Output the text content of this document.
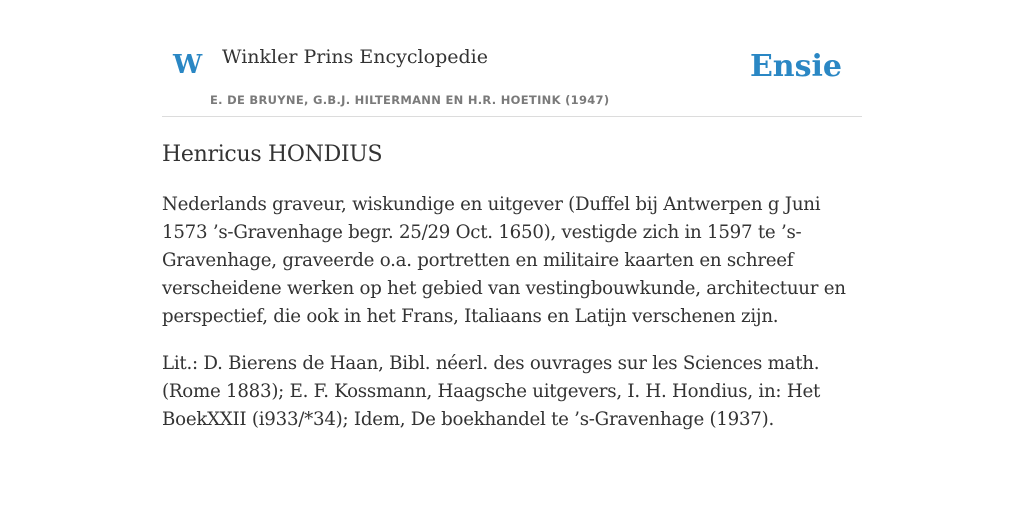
W Winkler Prins Encyclopedie
E. DE BRUYNE, G.B.J. HILTERMANN EN H.R. HOETINK (1947)
Ensie
Henricus HONDIUS

Nederlands graveur, wiskundige en uitgever (Duffel bij Antwerpen g Juni 1573 ’s-Gravenhage begr. 25/29 Oct. 1650), vestigde zich in 1597 te ’s-Gravenhage, graveerde o.a. portretten en militaire kaarten en schreef verscheidene werken op het gebied van vestingbouwkunde, architectuur en perspectief, die ook in het Frans, Italiaans en Latijn verschenen zijn.

Lit.: D. Bierens de Haan, Bibl. néerl. des ouvrages sur les Sciences math. (Rome 1883); E. F. Kossmann, Haagsche uitgevers, I. H. Hondius, in: Het BoekXXII (i933/*34); Idem, De boekhandel te ’s-Gravenhage (1937).
